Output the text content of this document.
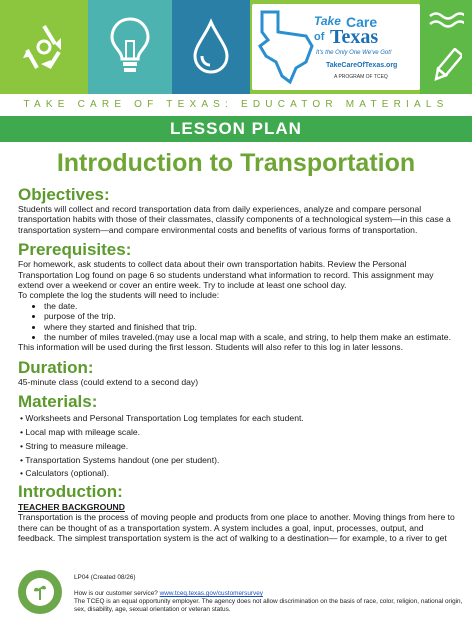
Take Care
of Texas
It's the Only One We've Got!
TakeCareOfTexas.org
A PROGRAM OF TCEQ
TAKE CARE OF TEXAS: EDUCATOR MATERIALS
LESSON PLAN
Introduction to Transportation
Objectives:

Students will collect and record transportation data from daily experiences, analyze and compare personal transportation habits with those of their classmates, classify components of a technological system—in this case a transportation system—and compare environmental costs and benefits of various forms of transportation.

Prerequisites:

For homework, ask students to collect data about their own transportation habits. Review the Personal Transportation Log found on page 6 so students understand what information to record. This assignment may extend over a weekend or cover an entire week. Try to include at least one school day.

To complete the log the students will need to include:

• the date.
• purpose of the trip.
• where they started and finished that trip.
• the number of miles traveled.(may use a local map with a scale, and string, to help them make an estimate.

This information will be used during the first lesson. Students will also refer to this log in later lessons.

Duration:

45-minute class (could extend to a second day)

Materials:
• Worksheets and Personal Transportation Log templates for each student.
• Local map with mileage scale.
• String to measure mileage.
• Transportation Systems handout (one per student).
• Calculators (optional).
Introduction:

TEACHER BACKGROUND

Transportation is the process of moving people and products from one place to another. Moving things from here to there can be thought of as a transportation system. A system includes a goal, input, processes, output, and feedback. The simplest transportation system is the act of walking to a destination— for example, to a river to get

LP04 (Created 08/26)
How is our customer service? www.tceq.texas.gov/customersurvey
The TCEQ is an equal opportunity employer. The agency does not allow discrimination on the basis of race, color, religion, national origin, sex, disability, age, sexual orientation or veteran status.
